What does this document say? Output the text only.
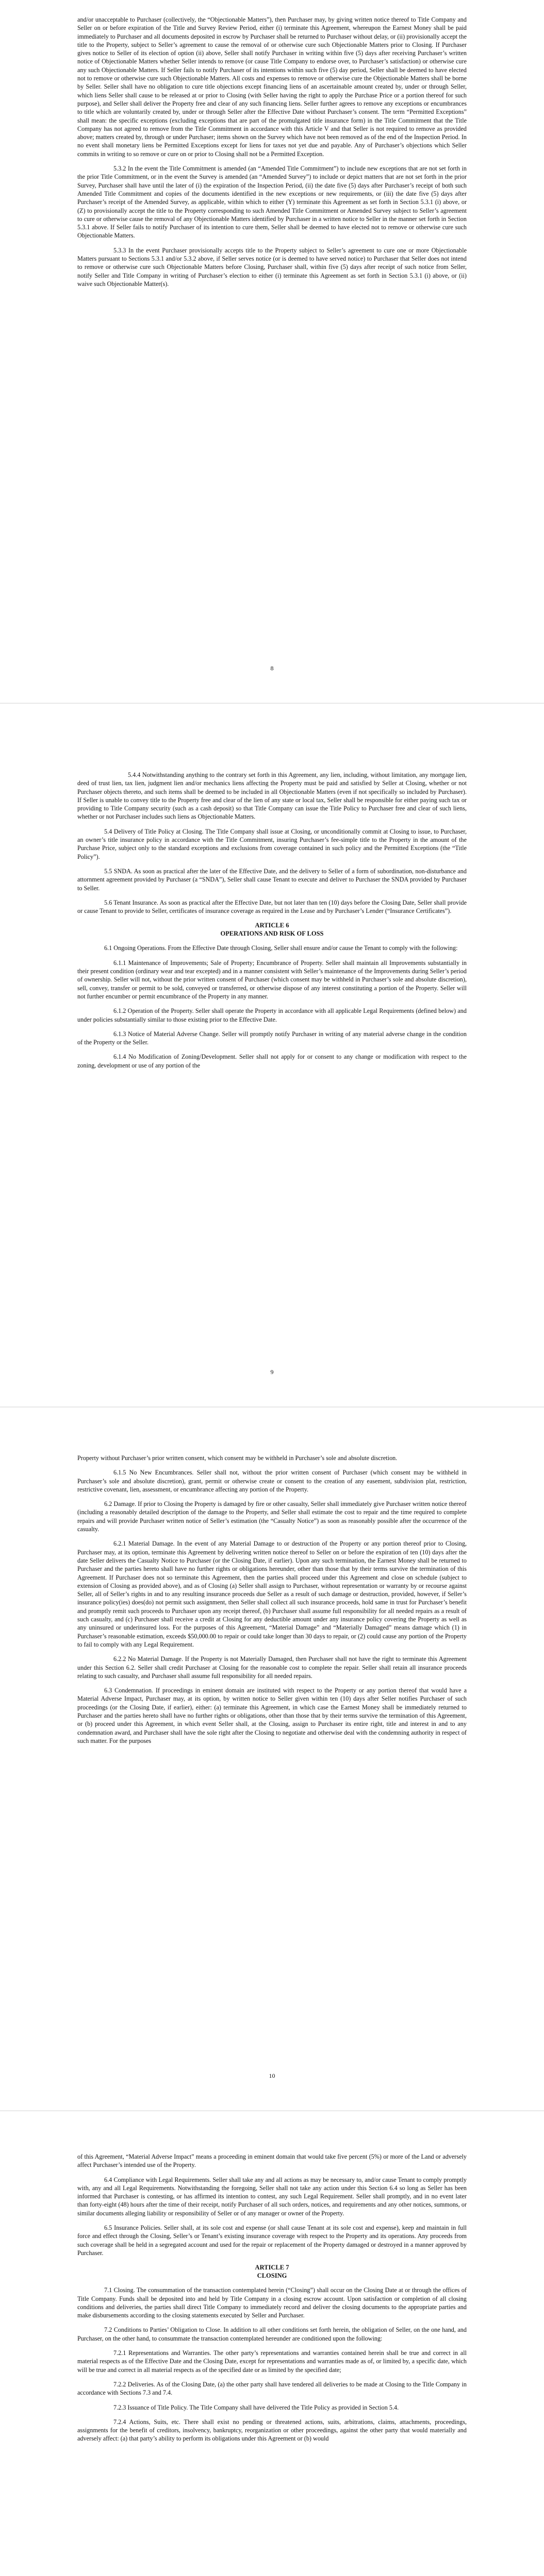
and/or unacceptable to Purchaser (collectively, the “Objectionable Matters”), then Purchaser may, by giving written notice thereof to Title Company and Seller on or before expiration of the Title and Survey Review Period, either (i) terminate this Agreement, whereupon the Earnest Money shall be paid immediately to Purchaser and all documents deposited in escrow by Purchaser shall be returned to Purchaser without delay, or (ii) provisionally accept the title to the Property, subject to Seller’s agreement to cause the removal of or otherwise cure such Objectionable Matters prior to Closing. If Purchaser gives notice to Seller of its election of option (ii) above, Seller shall notify Purchaser in writing within five (5) days after receiving Purchaser’s written notice of Objectionable Matters whether Seller intends to remove (or cause Title Company to endorse over, to Purchaser’s satisfaction) or otherwise cure any such Objectionable Matters. If Seller fails to notify Purchaser of its intentions within such five (5) day period, Seller shall be deemed to have elected not to remove or otherwise cure such Objectionable Matters. All costs and expenses to remove or otherwise cure the Objectionable Matters shall be borne by Seller. Seller shall have no obligation to cure title objections except financing liens of an ascertainable amount created by, under or through Seller, which liens Seller shall cause to be released at or prior to Closing (with Seller having the right to apply the Purchase Price or a portion thereof for such purpose), and Seller shall deliver the Property free and clear of any such financing liens. Seller further agrees to remove any exceptions or encumbrances to title which are voluntarily created by, under or through Seller after the Effective Date without Purchaser’s consent. The term “Permitted Exceptions” shall mean: the specific exceptions (excluding exceptions that are part of the promulgated title insurance form) in the Title Commitment that the Title Company has not agreed to remove from the Title Commitment in accordance with this Article V and that Seller is not required to remove as provided above; matters created by, through or under Purchaser; items shown on the Survey which have not been removed as of the end of the Inspection Period. In no event shall monetary liens be Permitted Exceptions except for liens for taxes not yet due and payable. Any of Purchaser’s objections which Seller commits in writing to so remove or cure on or prior to Closing shall not be a Permitted Exception.

5.3.2 In the event the Title Commitment is amended (an “Amended Title Commitment”) to include new exceptions that are not set forth in the prior Title Commitment, or in the event the Survey is amended (an “Amended Survey”) to include or depict matters that are not set forth in the prior Survey, Purchaser shall have until the later of (i) the expiration of the Inspection Period, (ii) the date five (5) days after Purchaser’s receipt of both such Amended Title Commitment and copies of the documents identified in the new exceptions or new requirements, or (iii) the date five (5) days after Purchaser’s receipt of the Amended Survey, as applicable, within which to either (Y) terminate this Agreement as set forth in Section 5.3.1 (i) above, or (Z) to provisionally accept the title to the Property corresponding to such Amended Title Commitment or Amended Survey subject to Seller’s agreement to cure or otherwise cause the removal of any Objectionable Matters identified by Purchaser in a written notice to Seller in the manner set forth in Section 5.3.1 above. If Seller fails to notify Purchaser of its intention to cure them, Seller shall be deemed to have elected not to remove or otherwise cure such Objectionable Matters.

5.3.3 In the event Purchaser provisionally accepts title to the Property subject to Seller’s agreement to cure one or more Objectionable Matters pursuant to Sections 5.3.1 and/or 5.3.2 above, if Seller serves notice (or is deemed to have served notice) to Purchaser that Seller does not intend to remove or otherwise cure such Objectionable Matters before Closing, Purchaser shall, within five (5) days after receipt of such notice from Seller, notify Seller and Title Company in writing of Purchaser’s election to either (i) terminate this Agreement as set forth in Section 5.3.1 (i) above, or (ii) waive such Objectionable Matter(s).

8

5.4.4 Notwithstanding anything to the contrary set forth in this Agreement, any lien, including, without limitation, any mortgage lien, deed of trust lien, tax lien, judgment lien and/or mechanics liens affecting the Property must be paid and satisfied by Seller at Closing, whether or not Purchaser objects thereto, and such items shall be deemed to be included in all Objectionable Matters (even if not specifically so included by Purchaser). If Seller is unable to convey title to the Property free and clear of the lien of any state or local tax, Seller shall be responsible for either paying such tax or providing to Title Company security (such as a cash deposit) so that Title Company can issue the Title Policy to Purchaser free and clear of such liens, whether or not Purchaser includes such liens as Objectionable Matters.

5.4 Delivery of Title Policy at Closing. The Title Company shall issue at Closing, or unconditionally commit at Closing to issue, to Purchaser, an owner’s title insurance policy in accordance with the Title Commitment, insuring Purchaser’s fee-simple title to the Property in the amount of the Purchase Price, subject only to the standard exceptions and exclusions from coverage contained in such policy and the Permitted Exceptions (the “Title Policy”).

5.5 SNDA. As soon as practical after the later of the Effective Date, and the delivery to Seller of a form of subordination, non-disturbance and attornment agreement provided by Purchaser (a “SNDA”), Seller shall cause Tenant to execute and deliver to Purchaser the SNDA provided by Purchaser to Seller.

5.6 Tenant Insurance. As soon as practical after the Effective Date, but not later than ten (10) days before the Closing Date, Seller shall provide or cause Tenant to provide to Seller, certificates of insurance coverage as required in the Lease and by Purchaser’s Lender (“Insurance Certificates”).

ARTICLE 6
OPERATIONS AND RISK OF LOSS

6.1 Ongoing Operations. From the Effective Date through Closing, Seller shall ensure and/or cause the Tenant to comply with the following:

6.1.1 Maintenance of Improvements; Sale of Property; Encumbrance of Property. Seller shall maintain all Improvements substantially in their present condition (ordinary wear and tear excepted) and in a manner consistent with Seller’s maintenance of the Improvements during Seller’s period of ownership. Seller will not, without the prior written consent of Purchaser (which consent may be withheld in Purchaser’s sole and absolute discretion), sell, convey, transfer or permit to be sold, conveyed or transferred, or otherwise dispose of any interest constituting a portion of the Property. Seller will not further encumber or permit encumbrance of the Property in any manner.

6.1.2 Operation of the Property. Seller shall operate the Property in accordance with all applicable Legal Requirements (defined below) and under policies substantially similar to those existing prior to the Effective Date.

6.1.3 Notice of Material Adverse Change. Seller will promptly notify Purchaser in writing of any material adverse change in the condition of the Property or the Seller.

6.1.4 No Modification of Zoning/Development. Seller shall not apply for or consent to any change or modification with respect to the zoning, development or use of any portion of the

9

Property without Purchaser’s prior written consent, which consent may be withheld in Purchaser’s sole and absolute discretion.

6.1.5 No New Encumbrances. Seller shall not, without the prior written consent of Purchaser (which consent may be withheld in Purchaser’s sole and absolute discretion), grant, permit or otherwise create or consent to the creation of any easement, subdivision plat, restriction, restrictive covenant, lien, assessment, or encumbrance affecting any portion of the Property.

6.2 Damage. If prior to Closing the Property is damaged by fire or other casualty, Seller shall immediately give Purchaser written notice thereof (including a reasonably detailed description of the damage to the Property, and Seller shall estimate the cost to repair and the time required to complete repairs and will provide Purchaser written notice of Seller’s estimation (the “Casualty Notice”) as soon as reasonably possible after the occurrence of the casualty.

6.2.1 Material Damage. In the event of any Material Damage to or destruction of the Property or any portion thereof prior to Closing, Purchaser may, at its option, terminate this Agreement by delivering written notice thereof to Seller on or before the expiration of ten (10) days after the date Seller delivers the Casualty Notice to Purchaser (or the Closing Date, if earlier). Upon any such termination, the Earnest Money shall be returned to Purchaser and the parties hereto shall have no further rights or obligations hereunder, other than those that by their terms survive the termination of this Agreement. If Purchaser does not so terminate this Agreement, then the parties shall proceed under this Agreement and close on schedule (subject to extension of Closing as provided above), and as of Closing (a) Seller shall assign to Purchaser, without representation or warranty by or recourse against Seller, all of Seller’s rights in and to any resulting insurance proceeds due Seller as a result of such damage or destruction, provided, however, if Seller’s insurance policy(ies) does(do) not permit such assignment, then Seller shall collect all such insurance proceeds, hold same in trust for Purchaser’s benefit and promptly remit such proceeds to Purchaser upon any receipt thereof, (b) Purchaser shall assume full responsibility for all needed repairs as a result of such casualty, and (c) Purchaser shall receive a credit at Closing for any deductible amount under any insurance policy covering the Property as well as any uninsured or underinsured loss. For the purposes of this Agreement, “Material Damage” and “Materially Damaged” means damage which (1) in Purchaser’s reasonable estimation, exceeds $50,000.00 to repair or could take longer than 30 days to repair, or (2) could cause any portion of the Property to fail to comply with any Legal Requirement.

6.2.2 No Material Damage. If the Property is not Materially Damaged, then Purchaser shall not have the right to terminate this Agreement under this Section 6.2. Seller shall credit Purchaser at Closing for the reasonable cost to complete the repair. Seller shall retain all insurance proceeds relating to such casualty, and Purchaser shall assume full responsibility for all needed repairs.

6.3 Condemnation. If proceedings in eminent domain are instituted with respect to the Property or any portion thereof that would have a Material Adverse Impact, Purchaser may, at its option, by written notice to Seller given within ten (10) days after Seller notifies Purchaser of such proceedings (or the Closing Date, if earlier), either: (a) terminate this Agreement, in which case the Earnest Money shall be immediately returned to Purchaser and the parties hereto shall have no further rights or obligations, other than those that by their terms survive the termination of this Agreement, or (b) proceed under this Agreement, in which event Seller shall, at the Closing, assign to Purchaser its entire right, title and interest in and to any condemnation award, and Purchaser shall have the sole right after the Closing to negotiate and otherwise deal with the condemning authority in respect of such matter. For the purposes

10

of this Agreement, “Material Adverse Impact” means a proceeding in eminent domain that would take five percent (5%) or more of the Land or adversely affect Purchaser’s intended use of the Property.

6.4 Compliance with Legal Requirements. Seller shall take any and all actions as may be necessary to, and/or cause Tenant to comply promptly with, any and all Legal Requirements. Notwithstanding the foregoing, Seller shall not take any action under this Section 6.4 so long as Seller has been informed that Purchaser is contesting, or has affirmed its intention to contest, any such Legal Requirement. Seller shall promptly, and in no event later than forty-eight (48) hours after the time of their receipt, notify Purchaser of all such orders, notices, and requirements and any other notices, summons, or similar documents alleging liability or responsibility of Seller or of any manager or owner of the Property.

6.5 Insurance Policies. Seller shall, at its sole cost and expense (or shall cause Tenant at its sole cost and expense), keep and maintain in full force and effect through the Closing, Seller’s or Tenant’s existing insurance coverage with respect to the Property and its operations. Any proceeds from such coverage shall be held in a segregated account and used for the repair or replacement of the Property damaged or destroyed in a manner approved by Purchaser.

ARTICLE 7
CLOSING

7.1 Closing. The consummation of the transaction contemplated herein (“Closing”) shall occur on the Closing Date at or through the offices of Title Company. Funds shall be deposited into and held by Title Company in a closing escrow account. Upon satisfaction or completion of all closing conditions and deliveries, the parties shall direct Title Company to immediately record and deliver the closing documents to the appropriate parties and make disbursements according to the closing statements executed by Seller and Purchaser.

7.2 Conditions to Parties’ Obligation to Close. In addition to all other conditions set forth herein, the obligation of Seller, on the one hand, and Purchaser, on the other hand, to consummate the transaction contemplated hereunder are conditioned upon the following:

7.2.1 Representations and Warranties. The other party’s representations and warranties contained herein shall be true and correct in all material respects as of the Effective Date and the Closing Date, except for representations and warranties made as of, or limited by, a specific date, which will be true and correct in all material respects as of the specified date or as limited by the specified date;

7.2.2 Deliveries. As of the Closing Date, (a) the other party shall have tendered all deliveries to be made at Closing to the Title Company in accordance with Sections 7.3 and 7.4.

7.2.3 Issuance of Title Policy. The Title Company shall have delivered the Title Policy as provided in Section 5.4.

7.2.4 Actions, Suits, etc. There shall exist no pending or threatened actions, suits, arbitrations, claims, attachments, proceedings, assignments for the benefit of creditors, insolvency, bankruptcy, reorganization or other proceedings, against the other party that would materially and adversely affect: (a) that party’s ability to perform its obligations under this Agreement or (b) would
